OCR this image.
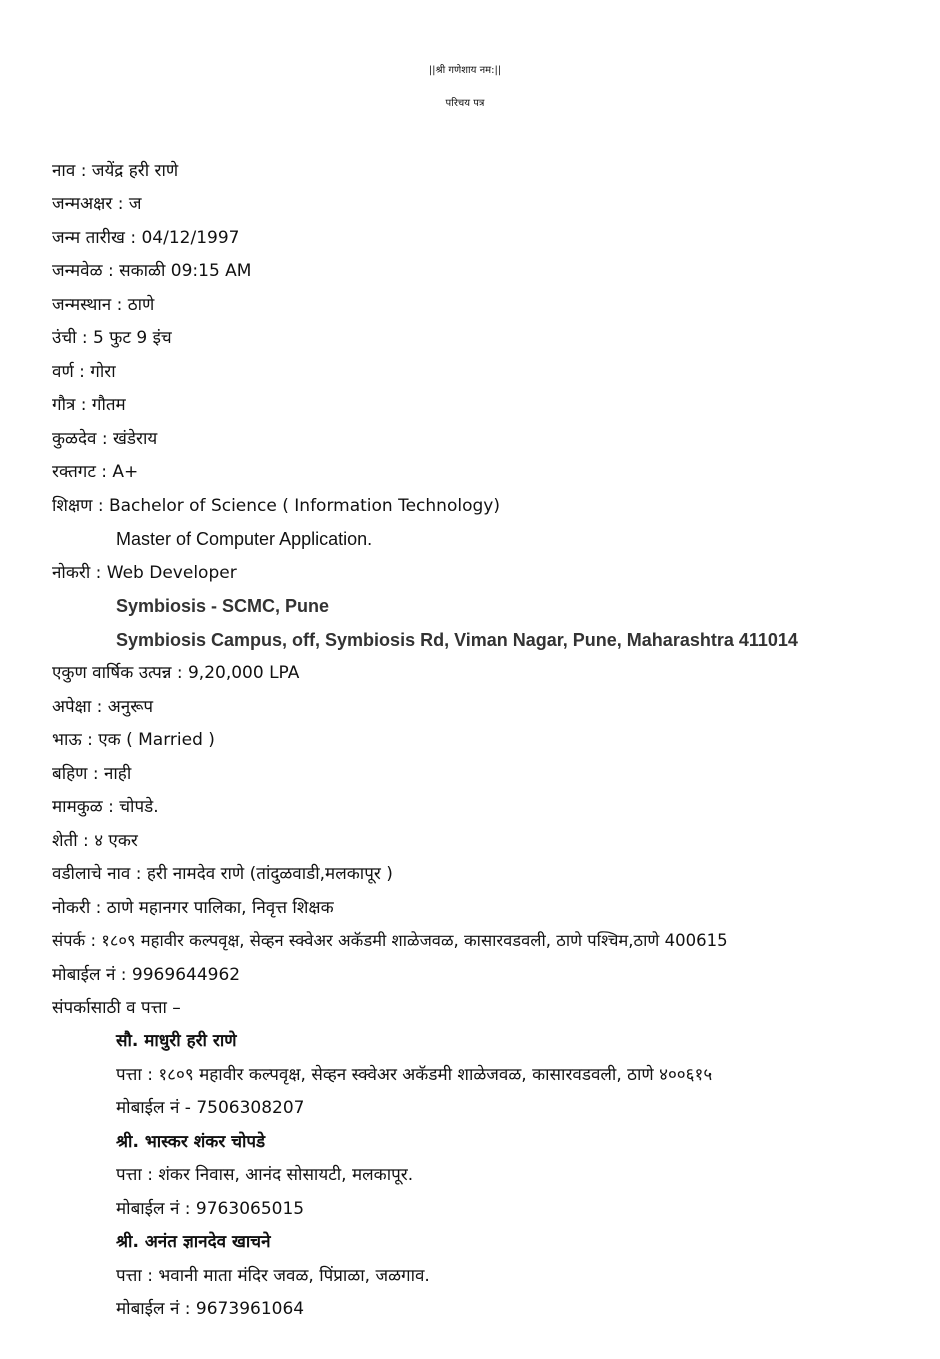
||श्री गणेशाय नम:||
परिचय पत्र
नाव : जयेंद्र हरी राणे
जन्मअक्षर : ज
जन्म तारीख : 04/12/1997
जन्मवेळ : सकाळी 09:15 AM
जन्मस्थान : ठाणे
उंची : 5 फुट 9 इंच
वर्ण : गोरा
गौत्र : गौतम
कुळदेव : खंडेराय
रक्तगट : A+
शिक्षण : Bachelor of Science ( Information Technology)
Master of Computer Application.
नोकरी : Web Developer
Symbiosis - SCMC, Pune
Symbiosis Campus, off, Symbiosis Rd, Viman Nagar, Pune, Maharashtra 411014
एकुण वार्षिक उत्पन्न : 9,20,000 LPA
अपेक्षा : अनुरूप
भाऊ : एक ( Married )
बहिण : नाही
मामकुळ : चोपडे.
शेती : ४ एकर
वडीलाचे नाव : हरी नामदेव राणे (तांदुळवाडी,मलकापूर )
नोकरी : ठाणे महानगर पालिका, निवृत्त शिक्षक
संपर्क : १८०९ महावीर कल्पवृक्ष, सेव्हन स्क्वेअर अकॅडमी शाळेजवळ, कासारवडवली, ठाणे पश्चिम,ठाणे 400615
मोबाईल नं : 9969644962
संपर्कासाठी व पत्ता –
सौ. माधुरी हरी राणे
पत्ता : १८०९ महावीर कल्पवृक्ष, सेव्हन स्क्वेअर अकॅडमी शाळेजवळ, कासारवडवली, ठाणे ४००६१५
मोबाईल नं - 7506308207
श्री. भास्कर शंकर चोपडे
पत्ता : शंकर निवास, आनंद सोसायटी, मलकापूर.
मोबाईल नं : 9763065015
श्री. अनंत ज्ञानदेव खाचने
पत्ता : भवानी माता मंदिर जवळ, पिंप्राळा, जळगाव.
मोबाईल नं : 9673961064
